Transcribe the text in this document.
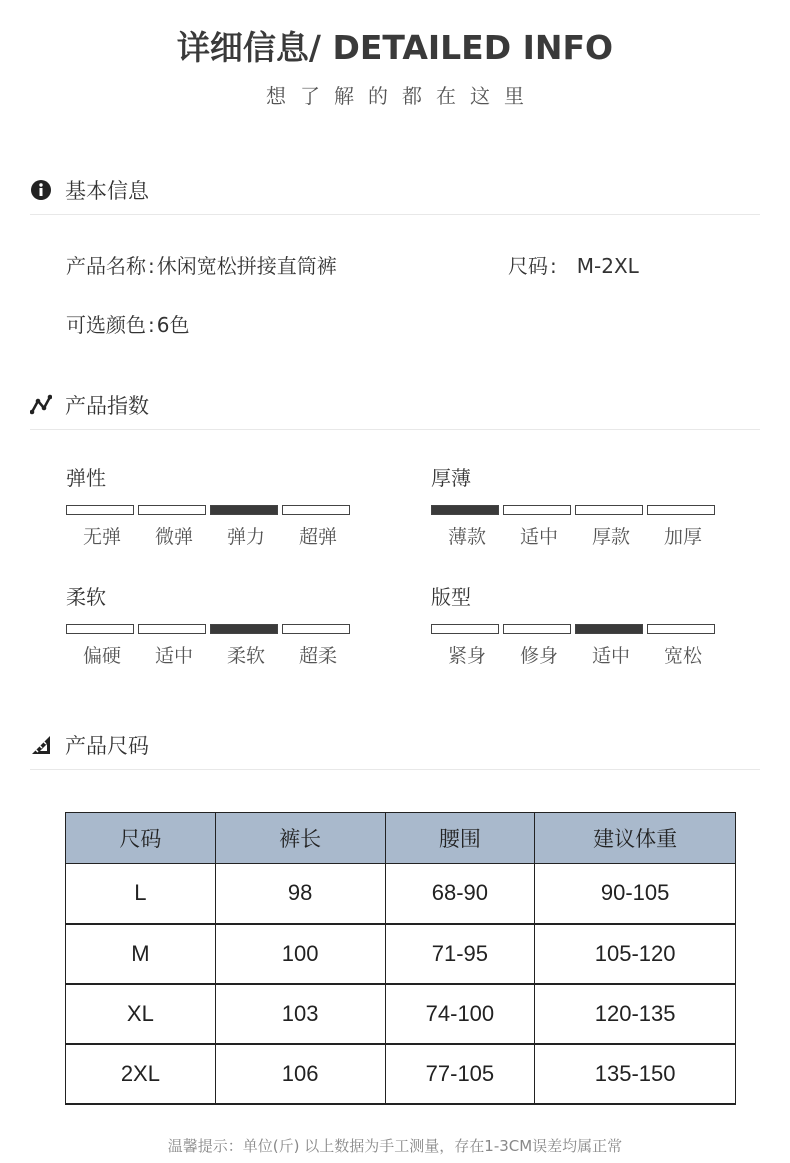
详细信息/ DETAILED INFO
想了解的都在这里
基本信息
产品名称 : 休闲宽松拼接直筒裤	尺码 : M-2XL
可选颜色 : 6色
产品指数
弹性
无弹	微弹	弹力	超弹
厚薄
薄款	适中	厚款	加厚
柔软
偏硬	适中	柔软	超柔
版型
紧身	修身	适中	宽松
产品尺码
尺码	裤长	腰围	建议体重
L	98	68-90	90-105
M	100	71-95	105-120
XL	103	74-100	120-135
2XL	106	77-105	135-150
温馨提示：单位(斤) 以上数据为手工测量，存在1-3CM误差均属正常
